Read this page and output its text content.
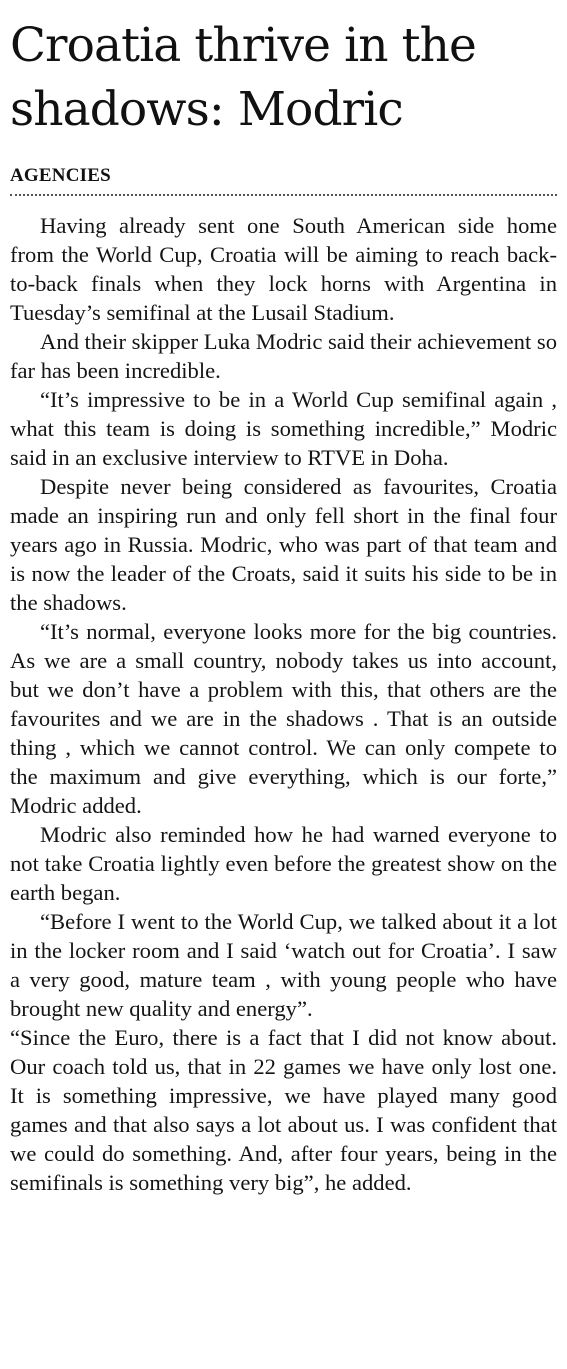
Croatia thrive in the shadows: Modric
AGENCIES

Having already sent one South American side home from the World Cup, Croatia will be aiming to reach back-to-back finals when they lock horns with Argentina in Tuesday’s semifinal at the Lusail Stadium.

And their skipper Luka Modric said their achievement so far has been incredible.

“It’s impressive to be in a World Cup semifinal again , what this team is doing is something incredible,” Modric said in an exclusive interview to RTVE in Doha.

Despite never being considered as favourites, Croatia made an inspiring run and only fell short in the final four years ago in Russia. Modric, who was part of that team and is now the leader of the Croats, said it suits his side to be in the shadows.

“It’s normal, everyone looks more for the big countries. As we are a small country, nobody takes us into account, but we don’t have a problem with this, that others are the favourites and we are in the shadows . That is an outside thing , which we cannot control. We can only compete to the maximum and give everything, which is our forte,” Modric added.

Modric also reminded how he had warned everyone to not take Croatia lightly even before the greatest show on the earth began.

“Before I went to the World Cup, we talked about it a lot in the locker room and I said ‘watch out for Croatia’. I saw a very good, mature team , with young people who have brought new quality and energy”.

“Since the Euro, there is a fact that I did not know about. Our coach told us, that in 22 games we have only lost one. It is something impressive, we have played many good games and that also says a lot about us. I was confident that we could do something. And, after four years, being in the semifinals is something very big”, he added.
